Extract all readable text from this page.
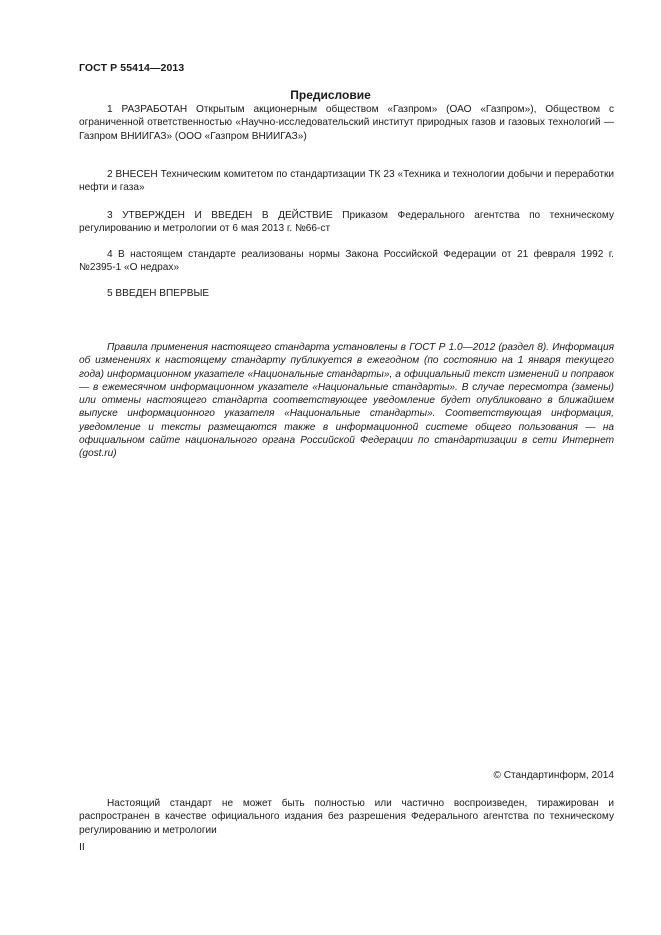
ГОСТ Р 55414—2013
Предисловие

1 РАЗРАБОТАН Открытым акционерным обществом «Газпром» (ОАО «Газпром»), Обществом с ограниченной ответственностью «Научно-исследовательский институт природных газов и газовых технологий — Газпром ВНИИГАЗ» (ООО «Газпром ВНИИГАЗ»)

2 ВНЕСЕН Техническим комитетом по стандартизации ТК 23 «Техника и технологии добычи и переработки нефти и газа»

3 УТВЕРЖДЕН И ВВЕДЕН В ДЕЙСТВИЕ Приказом Федерального агентства по техническому регулированию и метрологии от 6 мая 2013 г. №66-ст

4 В настоящем стандарте реализованы нормы Закона Российской Федерации от 21 февраля 1992 г. №2395-1 «О недрах»

5 ВВЕДЕН ВПЕРВЫЕ

Правила применения настоящего стандарта установлены в ГОСТ Р 1.0—2012 (раздел 8). Информация об изменениях к настоящему стандарту публикуется в ежегодном (по состоянию на 1 января текущего года) информационном указателе «Национальные стандарты», а официальный текст изменений и поправок — в ежемесячном информационном указателе «Национальные стандарты». В случае пересмотра (замены) или отмены настоящего стандарта соответствующее уведомление будет опубликовано в ближайшем выпуске информационного указателя «Национальные стандарты». Соответствующая информация, уведомление и тексты размещаются также в информационной системе общего пользования — на официальном сайте национального органа Российской Федерации по стандартизации в сети Интернет (gost.ru)

© Стандартинформ, 2014

Настоящий стандарт не может быть полностью или частично воспроизведен, тиражирован и распространен в качестве официального издания без разрешения Федерального агентства по техническому регулированию и метрологии

II
